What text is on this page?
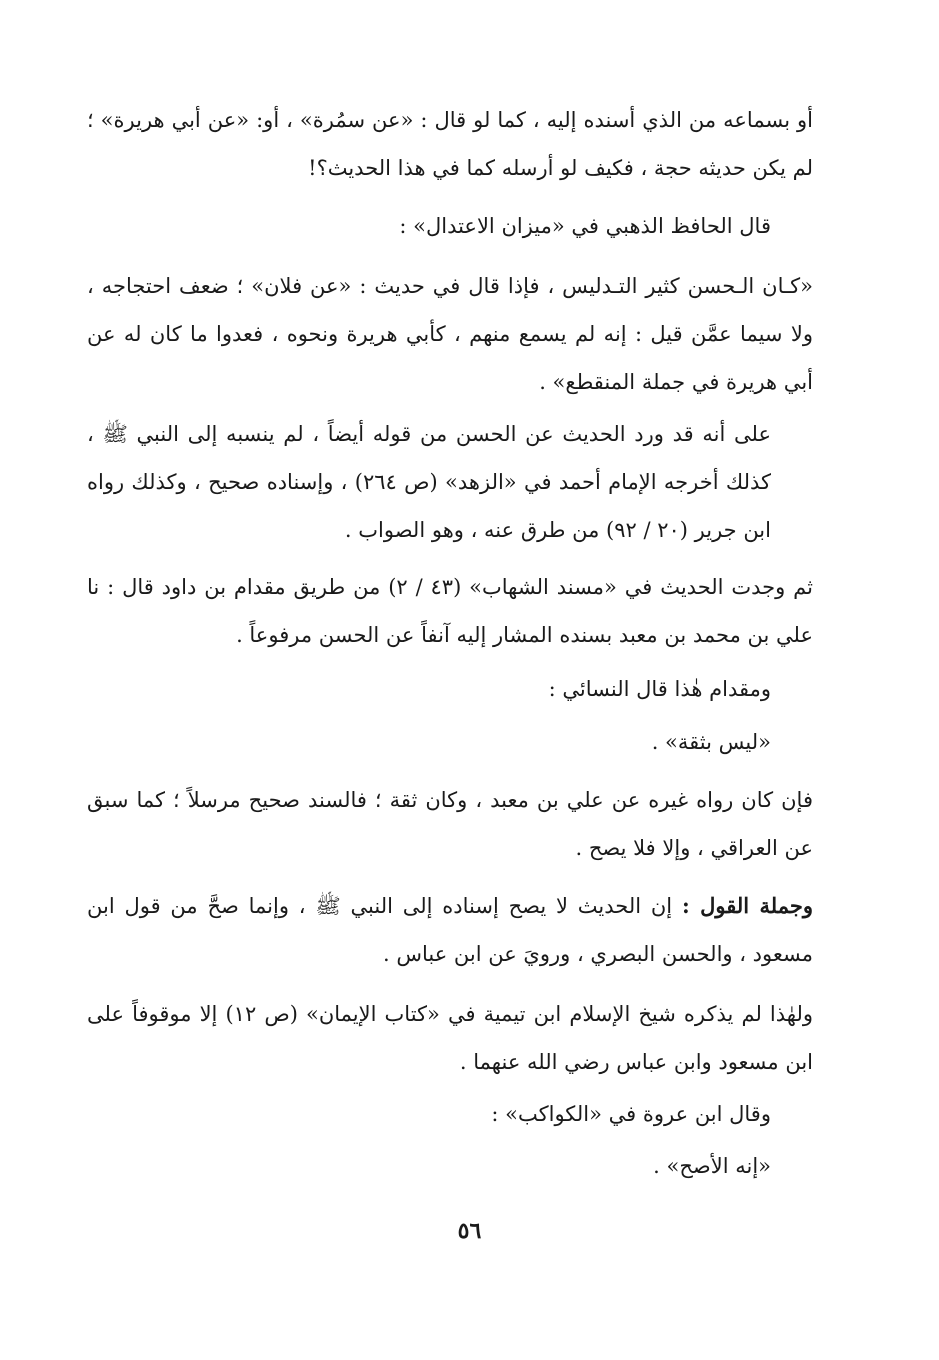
أو بسماعه من الذي أسنده إليه ، كما لو قال : «عن سمُرة» ، أو: «عن أبي هريرة» ؛ لم يكن حديثه حجة ، فكيف لو أرسله كما في هذا الحديث؟!

قال الحافظ الذهبي في «ميزان الاعتدال» :

«كـان الـحسن كثير التـدليس ، فإذا قال في حديث : «عن فلان» ؛ ضعف احتجاجه ، ولا سيما عمَّن قيل : إنه لم يسمع منهم ، كأبي هريرة ونحوه ، فعدوا ما كان له عن أبي هريرة في جملة المنقطع» .

على أنه قد ورد الحديث عن الحسن من قوله أيضاً ، لم ينسبه إلى النبي ﷺ ، كذلك أخرجه الإمام أحمد في «الزهد» (ص ٢٦٤) ، وإسناده صحيح ، وكذلك رواه ابن جرير (٢٠ / ٩٢) من طرق عنه ، وهو الصواب .

ثم وجدت الحديث في «مسند الشهاب» (٤٣ / ٢) من طريق مقدام بن داود قال : نا علي بن محمد بن معبد بسنده المشار إليه آنفاً عن الحسن مرفوعاً .

ومقدام هٰذا قال النسائي :

«ليس بثقة» .

فإن كان رواه غيره عن علي بن معبد ، وكان ثقة ؛ فالسند صحيح مرسلاً ؛ كما سبق عن العراقي ، وإلا فلا يصح .

وجملة القول : إن الحديث لا يصح إسناده إلى النبي ﷺ ، وإنما صحَّ من قول ابن مسعود ، والحسن البصري ، ورويَ عن ابن عباس .

ولهٰذا لم يذكره شيخ الإسلام ابن تيمية في «كتاب الإيمان» (ص ١٢) إلا موقوفاً على ابن مسعود وابن عباس رضي الله عنهما .

وقال ابن عروة في «الكواكب» :

«إنه الأصح» .

٥٦
